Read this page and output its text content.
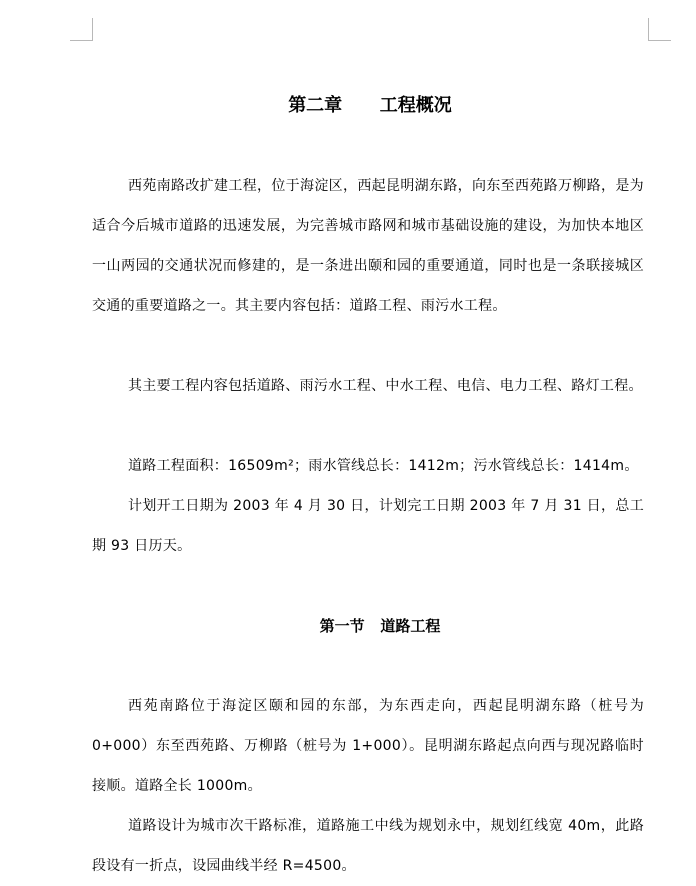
第二章      工程概况

西苑南路改扩建工程，位于海淀区，西起昆明湖东路，向东至西苑路万柳路，是为适合今后城市道路的迅速发展，为完善城市路网和城市基础设施的建设，为加快本地区一山两园的交通状况而修建的，是一条进出颐和园的重要通道，同时也是一条联接城区交通的重要道路之一。其主要内容包括：道路工程、雨污水工程。

其主要工程内容包括道路、雨污水工程、中水工程、电信、电力工程、路灯工程。

道路工程面积：16509m²；雨水管线总长：1412m；污水管线总长：1414m。

计划开工日期为 2003 年 4 月 30 日，计划完工日期 2003 年 7 月 31 日，总工期 93 日历天。

第一节   道路工程

西苑南路位于海淀区颐和园的东部，为东西走向，西起昆明湖东路（桩号为 0+000）东至西苑路、万柳路（桩号为 1+000）。昆明湖东路起点向西与现况路临时接顺。道路全长 1000m。

道路设计为城市次干路标准，道路施工中线为规划永中，规划红线宽 40m，此路段设有一折点，设园曲线半经 R=4500。
